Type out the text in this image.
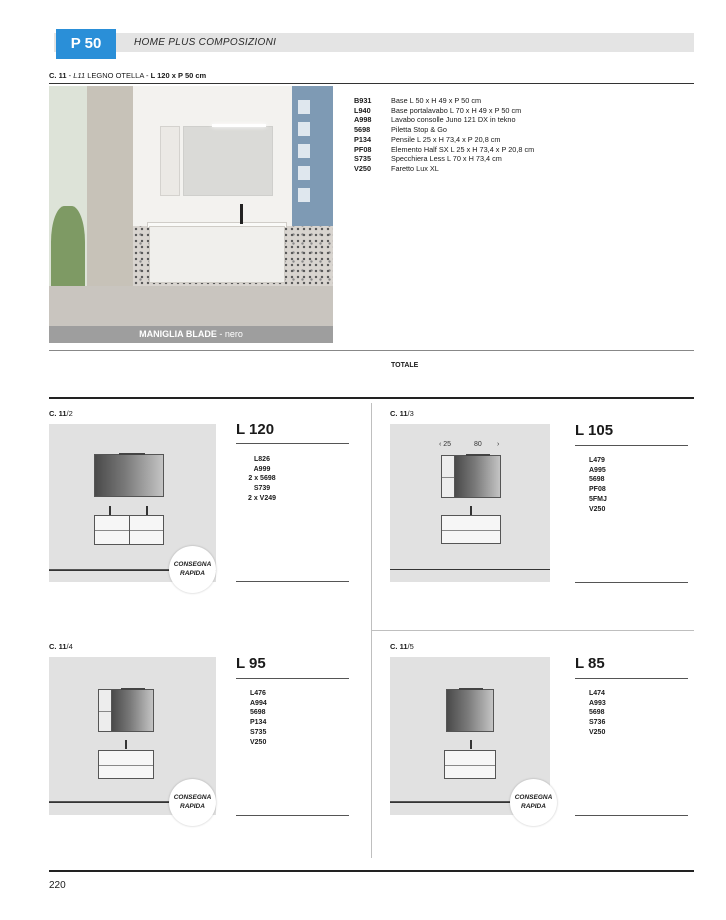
P 50	HOME PLUS COMPOSIZIONI
C. 11 - L11 LEGNO OTELLA - L 120 x P 50 cm
MANIGLIA BLADE - nero
B931	Base L 50 x H 49 x P 50 cm
L940	Base portalavabo L 70 x H 49 x P 50 cm
A998	Lavabo consolle Juno 121 DX in tekno
5698	Piletta Stop & Go
P134	Pensile L 25 x H 73,4 x P 20,8 cm
PF08	Elemento Half SX L 25 x H 73,4 x P 20,8 cm
S735	Specchiera Less L 70 x H 73,4 cm
V250	Faretto Lux XL
TOTALE
C. 11/2
CONSEGNA
RAPIDA
L 120
L826
A999
2 x 5698
S739
2 x V249
C. 11/3
‹ 25	80 ›
L 105
L479
A995
5698
PF08
5FMJ
V250
C. 11/4
CONSEGNA
RAPIDA
L 95
L476
A994
5698
P134
S735
V250
C. 11/5
CONSEGNA
RAPIDA
L 85
L474
A993
5698
S736
V250
220
